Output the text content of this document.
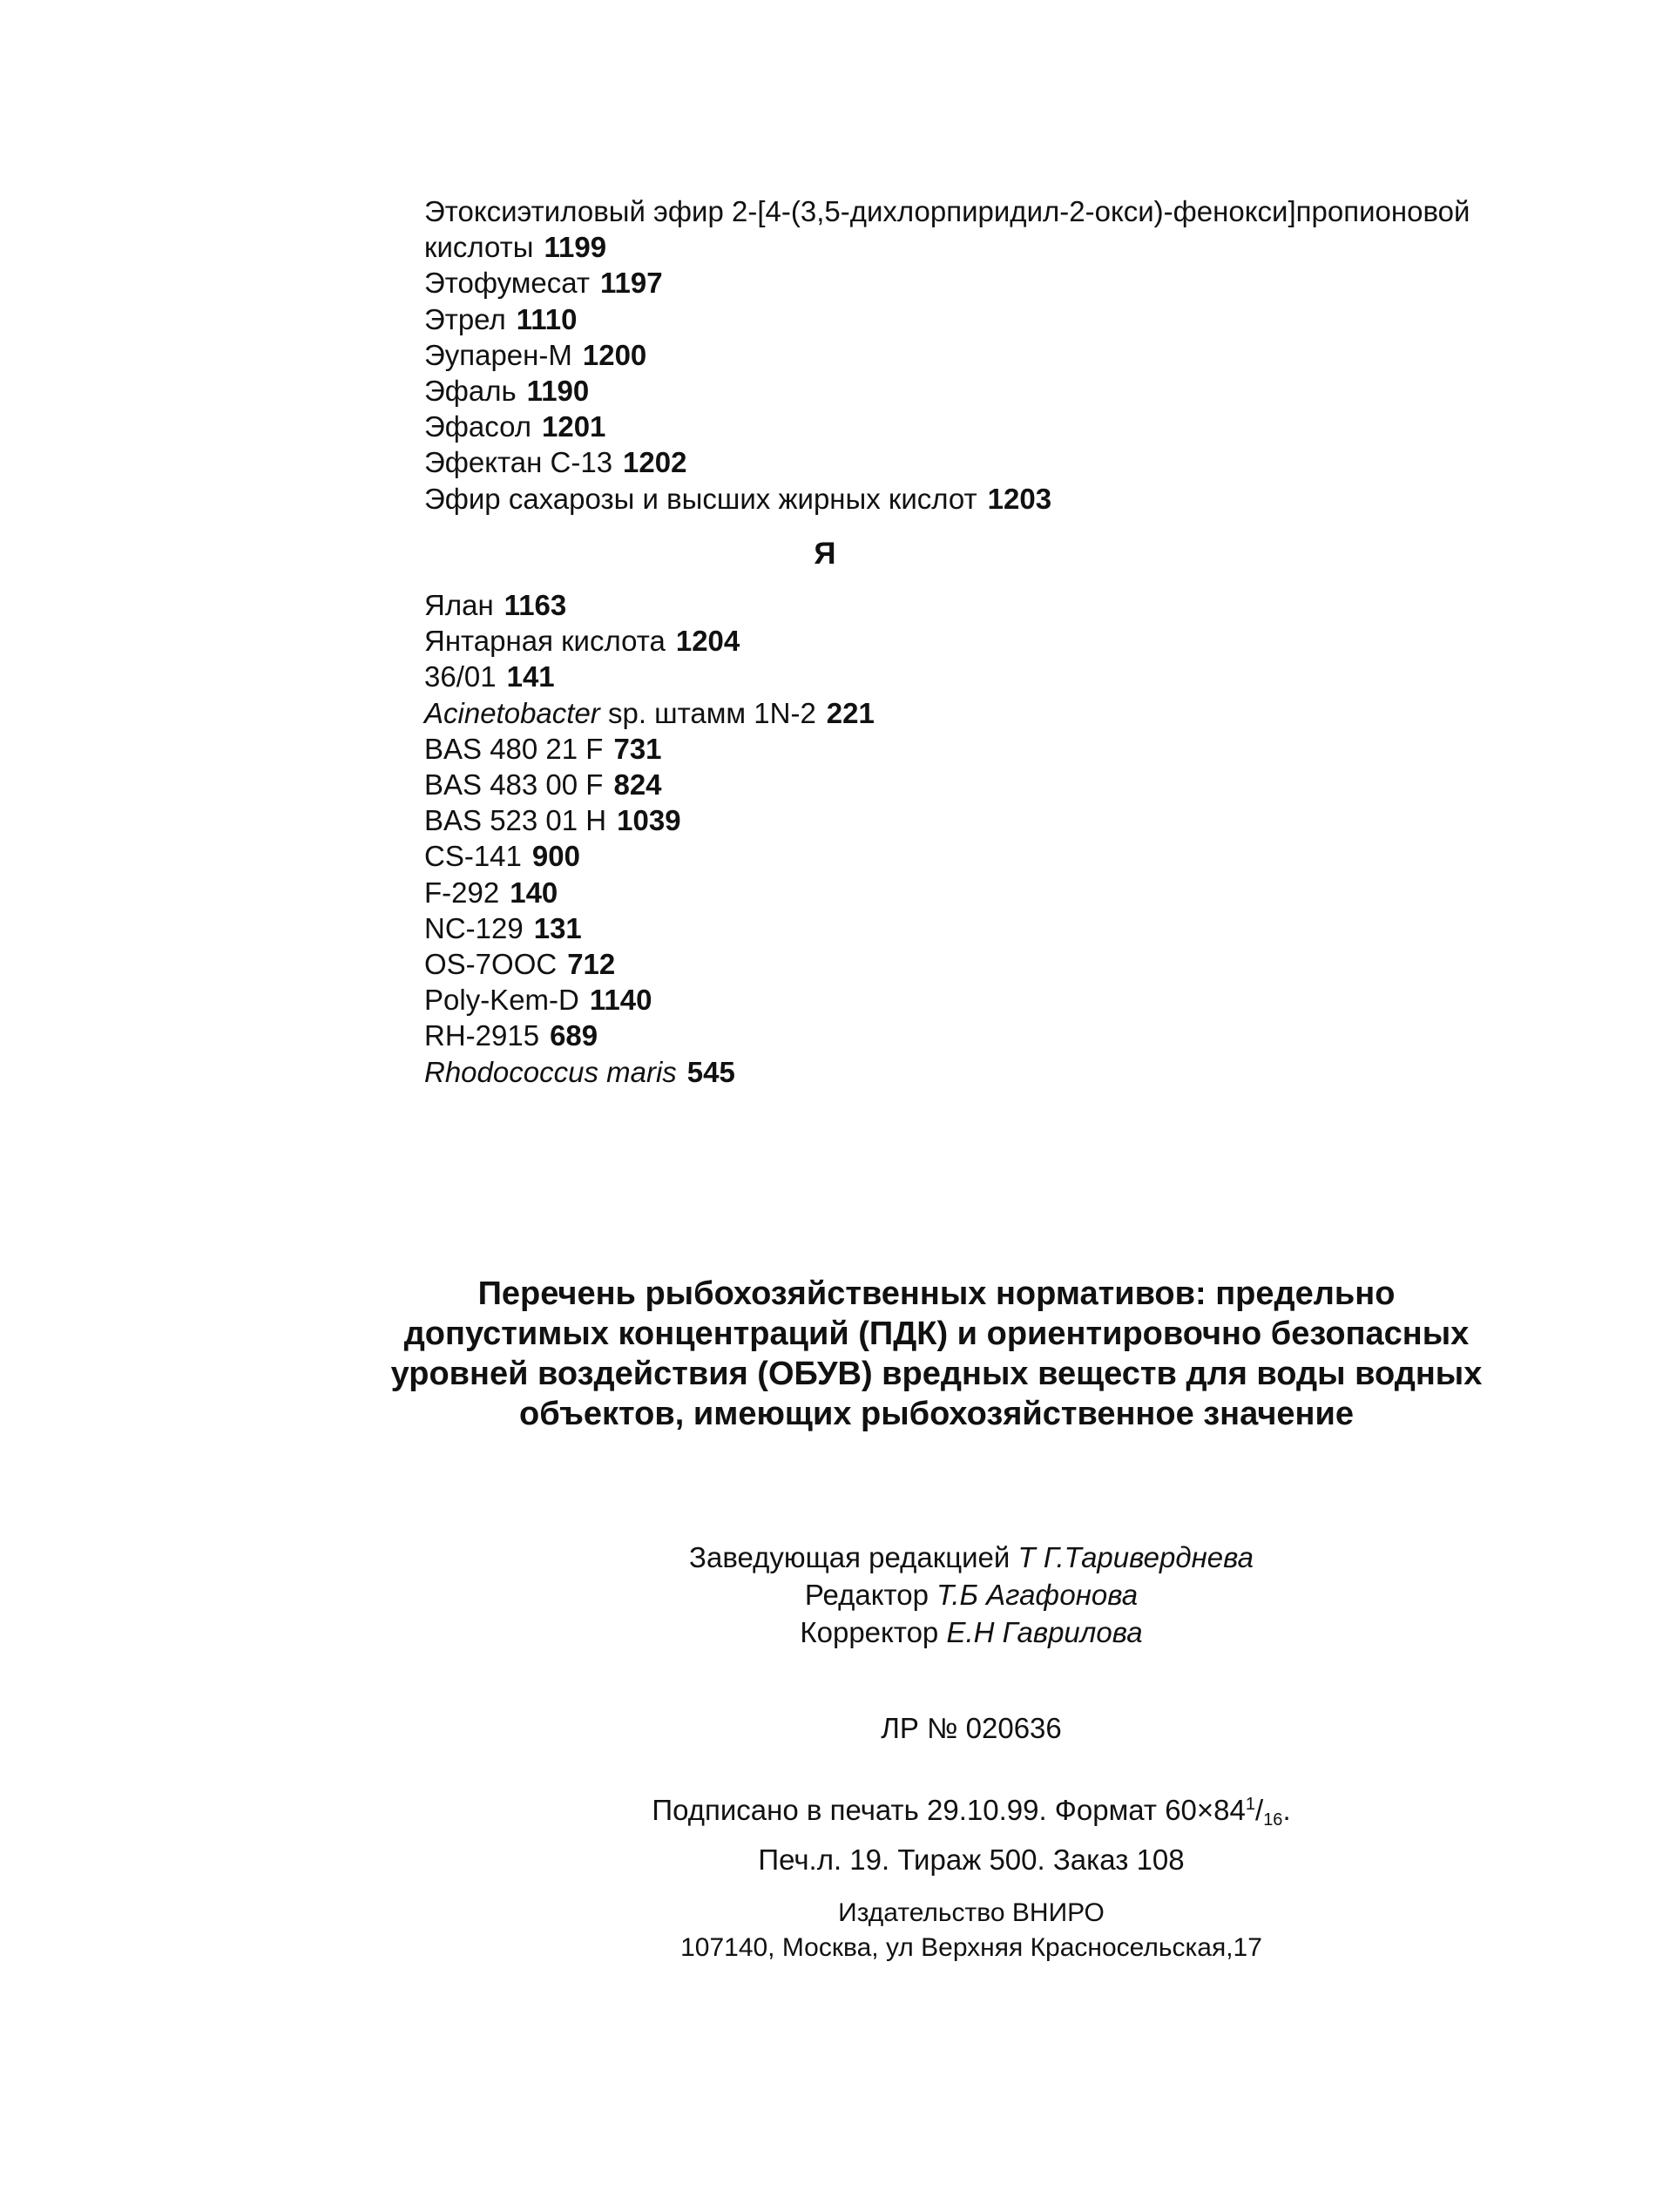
Этоксиэтиловый эфир 2-[4-(3,5-дихлорпиридил-2-окси)-фенокси]пропионовой кислоты 1199
Этофумесат 1197
Этрел 1110
Эупарен-М 1200
Эфаль 1190
Эфасол 1201
Эфектан С-13 1202
Эфир сахарозы и высших жирных кислот 1203
Я
Ялан 1163
Янтарная кислота 1204
36/01 141
Acinetobacter sp. штамм 1N-2 221
BAS 480 21 F 731
BAS 483 00 F 824
BAS 523 01 H 1039
CS-141 900
F-292 140
NC-129 131
OS-7OOC 712
Poly-Kem-D 1140
RH-2915 689
Rhodococcus maris 545
Перечень рыбохозяйственных нормативов: предельно
допустимых концентраций (ПДК) и ориентировочно безопасных
уровней воздействия (ОБУВ) вредных веществ для воды водных
объектов, имеющих рыбохозяйственное значение
Заведующая редакцией Т Г.Тариверднева
Редактор Т.Б Агафонова
Корректор Е.Н Гаврилова
ЛР № 020636
Подписано в печать 29.10.99. Формат $60\times 84^1/_{16}$.
Печ.л. 19. Тираж 500. Заказ 108
Издательство ВНИРО
107140, Москва, ул Верхняя Красносельская,17
